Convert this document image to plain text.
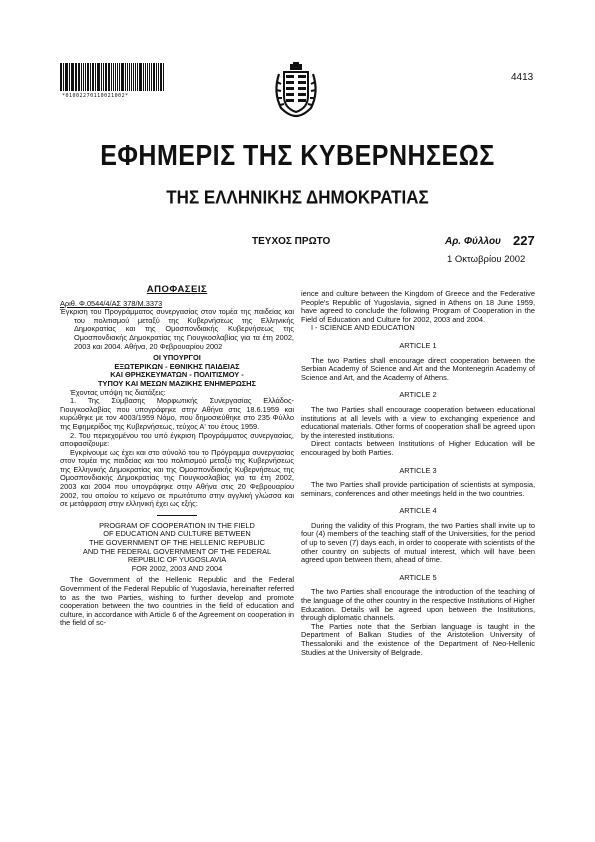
*01002270110021002*
4413
ΕΦΗΜΕΡΙΣ ΤΗΣ ΚΥΒΕΡΝΗΣΕΩΣ
ΤΗΣ ΕΛΛΗΝΙΚΗΣ ΔΗΜΟΚΡΑΤΙΑΣ
ΤΕΥΧΟΣ ΠΡΩΤΟ	Αρ. Φύλλου 227
1 Οκτωβρίου 2002

ΑΠΟΦΑΣΕΙΣ

Αριθ. Φ.0544/4/ΑΣ 378/Μ.3373

Έγκριση του Προγράμματος συνεργασίας στον τομέα της παιδείας και του πολιτισμού μεταξύ της Κυβερνήσεως της Ελληνικής Δημοκρατίας και της Ομοσπονδιακής Κυβερνήσεως της Ομοσπονδιακής Δημοκρατίας της Γιουγκοσλαβίας για τα έτη 2002, 2003 και 2004. Αθήνα, 20 Φεβρουαρίου 2002

ΟΙ ΥΠΟΥΡΓΟΙ

ΕΞΩΤΕΡΙΚΩΝ - ΕΘΝΙΚΗΣ ΠΑΙΔΕΙΑΣ

ΚΑΙ ΘΡΗΣΚΕΥΜΑΤΩΝ - ΠΟΛΙΤΙΣΜΟΥ -

ΤΥΠΟΥ ΚΑΙ ΜΕΣΩΝ ΜΑΖΙΚΗΣ ΕΝΗΜΕΡΩΣΗΣ

Έχοντας υπόψη τις διατάξεις:

1. Της Σύμβασης Μορφωτικής Συνεργασίας Ελλάδος-Γιουγκοσλαβίας που υπογράφηκε στην Αθήνα στις 18.6.1959 και κυρώθηκε με τον 4003/1959 Νόμο, που δημοσιεύθηκε στο 235 Φύλλο της Εφημερίδος της Κυβερνήσεως, τεύχος Α' του έτους 1959.

2. Του περιεχομένου του υπό έγκριση Προγράμματος συνεργασίας, αποφασίζουμε:

Εγκρίνουμε ως έχει και στο σύνολό του το Πρόγραμμα συνεργασίας στον τομέα της παιδείας και του πολιτισμού μεταξύ της Κυβερνήσεως της Ελληνικής Δημοκρατίας και της Ομοσπονδιακής Κυβερνήσεως της Ομοσπονδιακής Δημοκρατίας της Γιουγκοσλαβίας για τα έτη 2002, 2003 και 2004 που υπογράφηκε στην Αθήνα στις 20 Φεβρουαρίου 2002, του οποίου το κείμενο σε πρωτότυπο στην αγγλική γλώσσα και σε μετάφραση στην ελληνική έχει ως εξής:

PROGRAM OF COOPERATION IN THE FIELD

OF EDUCATION AND CULTURE BETWEEN

THE GOVERNMENT OF THE HELLENIC REPUBLIC

AND THE FEDERAL GOVERNMENT OF THE FEDERAL

REPUBLIC OF YUGOSLAVIA

FOR 2002, 2003 AND 2004

The Government of the Hellenic Republic and the Federal Government of the Federal Republic of Yugoslavia, hereinafter referred to as the two Parties, wishing to further develop and promote cooperation between the two countries in the field of education and culture, in accordance with Article 6 of the Agreement on cooperation in the field of sc-

ience and culture between the Kingdom of Greece and the Federative People's Republic of Yugoslavia, signed in Athens on 18 June 1959, have agreed to conclude the following Program of Cooperation in the Field of Education and Culture for 2002, 2003 and 2004.

I - SCIENCE AND EDUCATION

ARTICLE 1

The two Parties shall encourage direct cooperation between the Serbian Academy of Science and Art and the Montenegrin Academy of Science and Art, and the Academy of Athens.

ARTICLE 2

The two Parties shall encourage cooperation between educational institutions at all levels with a view to exchanging experience and educational materials. Other forms of cooperation shall be agreed upon by the interested institutions.

Direct contacts between Institutions of Higher Education will be encouraged by both Parties.

ARTICLE 3

The two Parties shall provide participation of scientists at symposia, seminars, conferences and other meetings held in the two countries.

ARTICLE 4

During the validity of this Program, the two Parties shall invite up to four (4) members of the teaching staff of the Universities, for the period of up to seven (7) days each, in order to cooperate with scientists of the other country on subjects of mutual interest, which will have been agreed upon between them, ahead of time.

ARTICLE 5

The two Parties shall encourage the introduction of the teaching of the language of the other country in the respective Institutions of Higher Education. Details will be agreed upon between the Institutions, through diplomatic channels.

The Parties note that the Serbian language is taught in the Department of Balkan Studies of the Aristotelion University of Thessaloniki and the existence of the Department of Neo-Hellenic Studies at the University of Belgrade.
